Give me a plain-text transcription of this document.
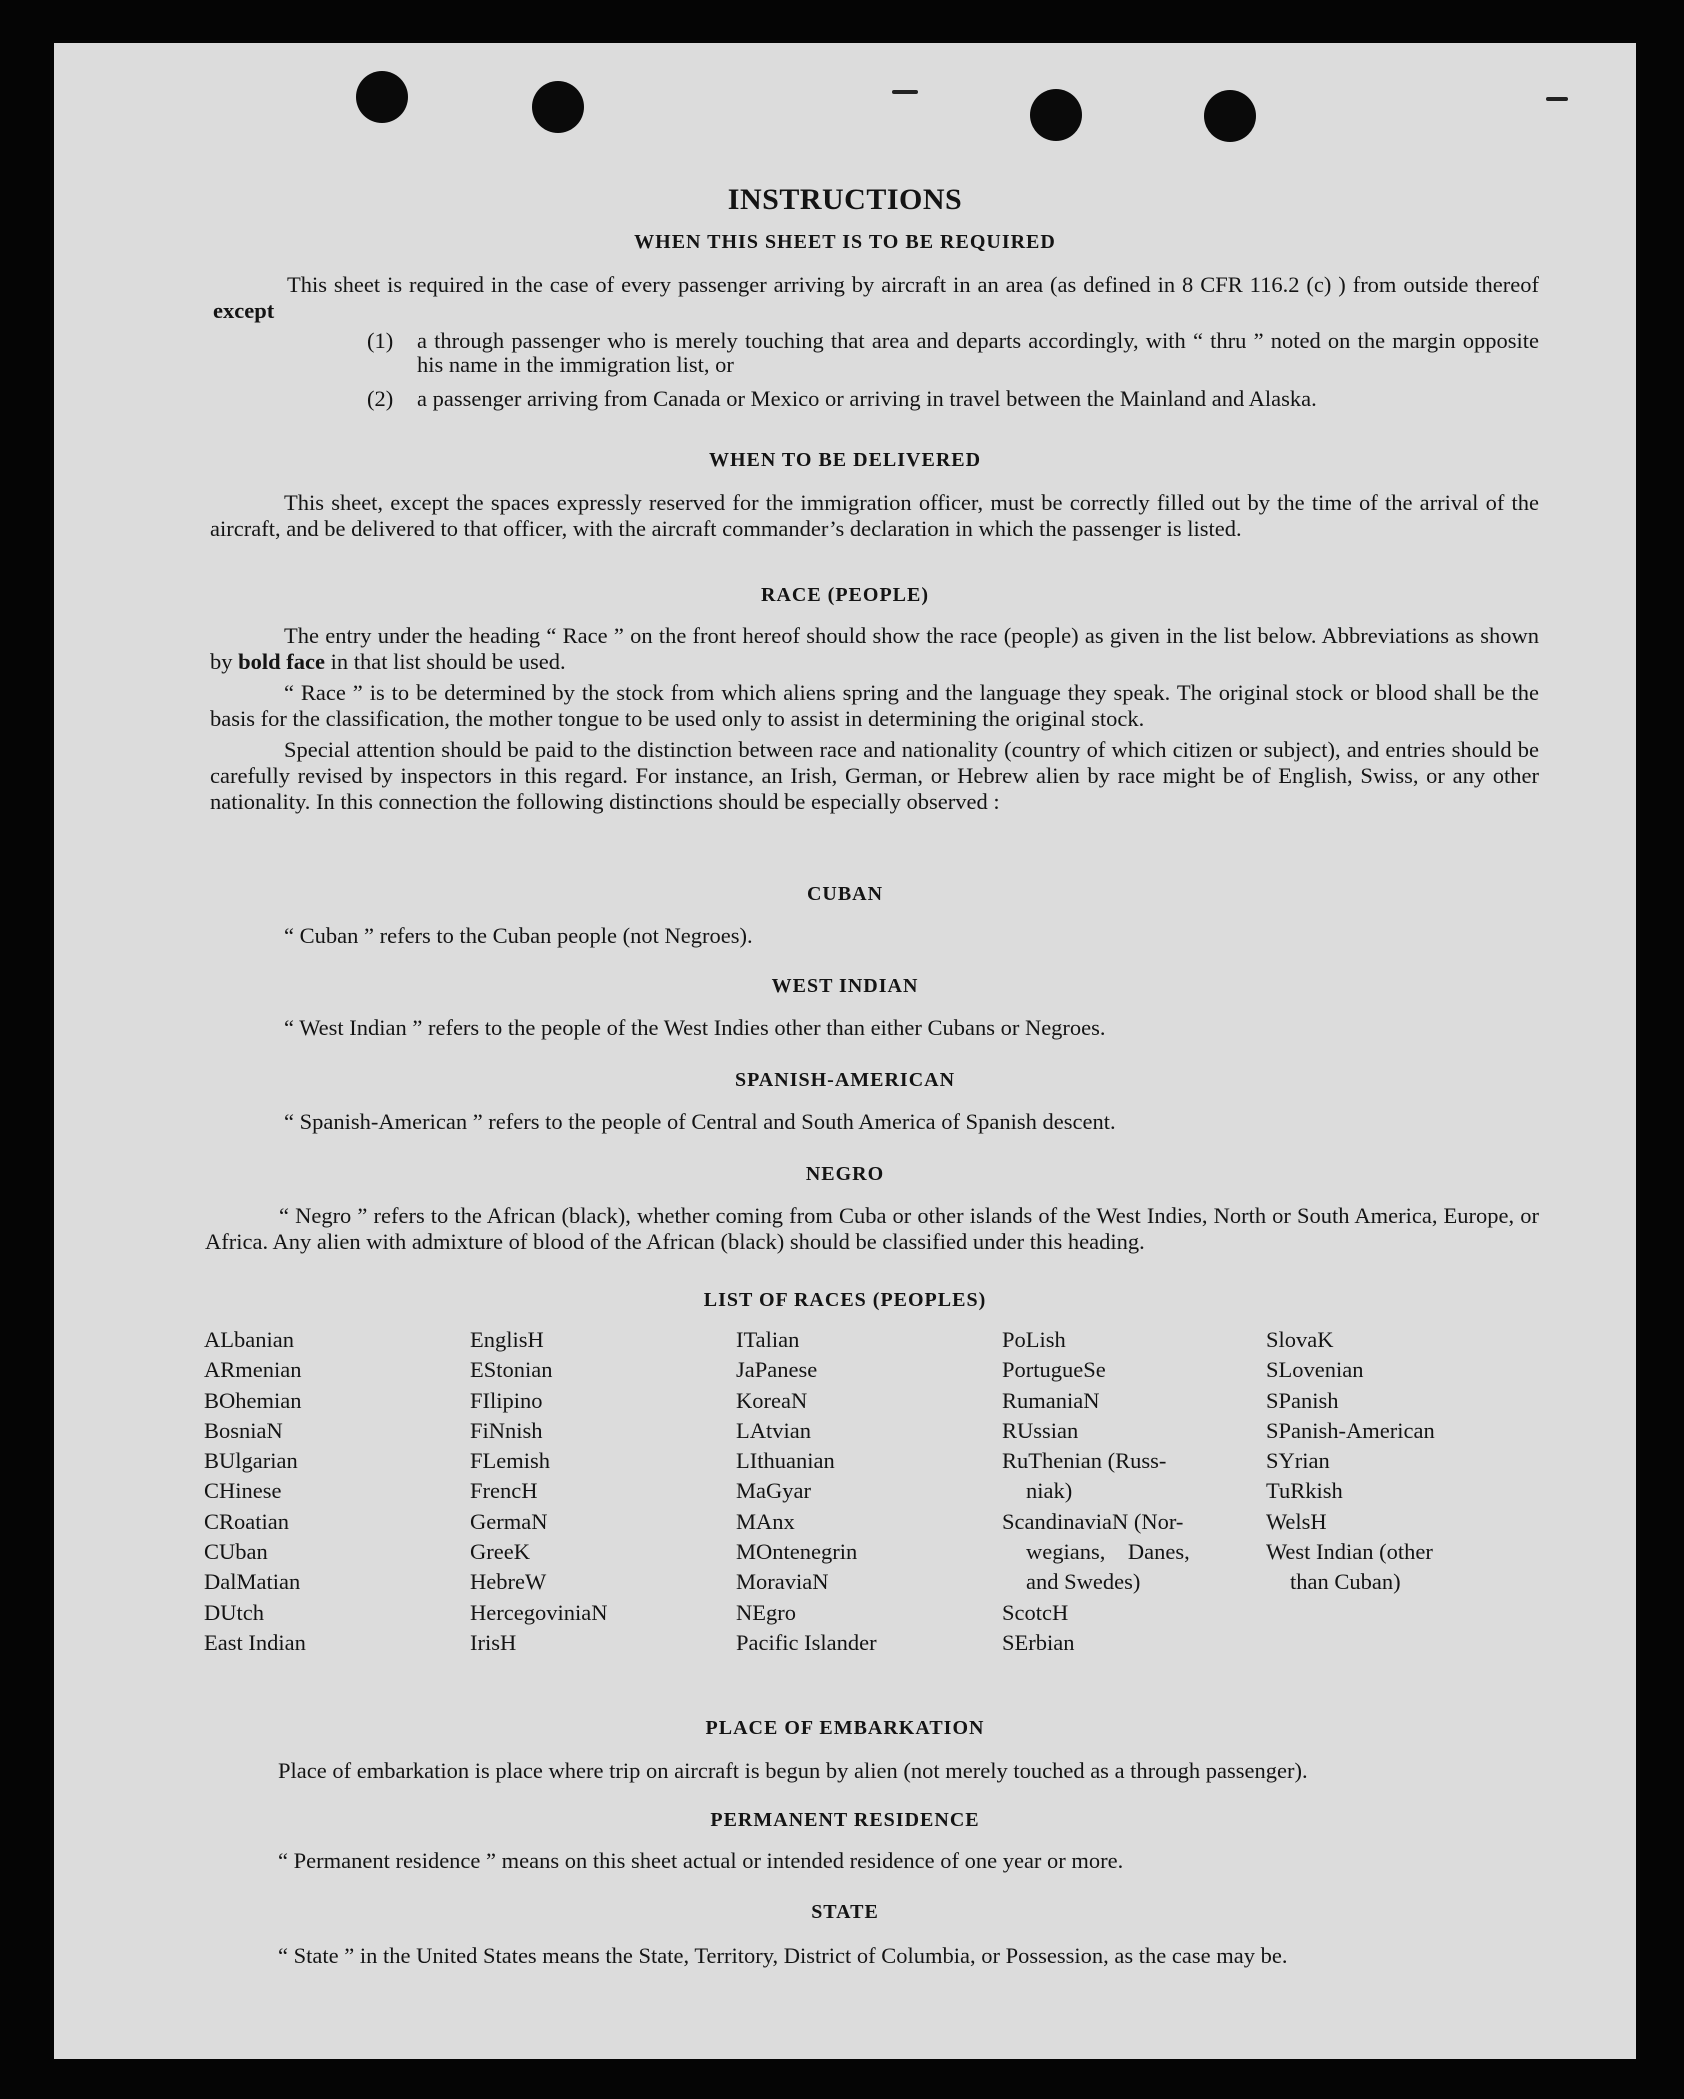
INSTRUCTIONS
WHEN THIS SHEET IS TO BE REQUIRED
This sheet is required in the case of every passenger arriving by aircraft in an area (as defined in 8 CFR 116.2 (c) ) from outside thereof except
(1) a through passenger who is merely touching that area and departs accordingly, with “ thru ” noted on the margin opposite his name in the immigration list, or
(2) a passenger arriving from Canada or Mexico or arriving in travel between the Mainland and Alaska.
WHEN TO BE DELIVERED
This sheet, except the spaces expressly reserved for the immigration officer, must be correctly filled out by the time of the arrival of the aircraft, and be delivered to that officer, with the aircraft commander’s declaration in which the passenger is listed.
RACE (PEOPLE)

The entry under the heading “ Race ” on the front hereof should show the race (people) as given in the list below. Abbreviations as shown by bold face in that list should be used.

“ Race ” is to be determined by the stock from which aliens spring and the language they speak. The original stock or blood shall be the basis for the classification, the mother tongue to be used only to assist in determining the original stock.

Special attention should be paid to the distinction between race and nationality (country of which citizen or subject), and entries should be carefully revised by inspectors in this regard. For instance, an Irish, German, or Hebrew alien by race might be of English, Swiss, or any other nationality. In this connection the following distinctions should be especially observed :

CUBAN
“ Cuban ” refers to the Cuban people (not Negroes).
WEST INDIAN
“ West Indian ” refers to the people of the West Indies other than either Cubans or Negroes.
SPANISH-AMERICAN
“ Spanish-American ” refers to the people of Central and South America of Spanish descent.
NEGRO
“ Negro ” refers to the African (black), whether coming from Cuba or other islands of the West Indies, North or South America, Europe, or Africa. Any alien with admixture of blood of the African (black) should be classified under this heading.
LIST OF RACES (PEOPLES)
ALbanian
ARmenian
BOhemian
BosniaN
BUlgarian
CHinese
CRoatian
CUban
DalMatian
DUtch
East Indian
EnglisH
EStonian
FIlipino
FiNnish
FLemish
FrencH
GermaN
GreeK
HebreW
HercegoviniaN
IrisH
ITalian
JaPanese
KoreaN
LAtvian
LIthuanian
MaGyar
MAnx
MOntenegrin
MoraviaN
NEgro
Pacific Islander
PoLish
PortugueSe
RumaniaN
RUssian
RuThenian (Russ-
niak)
ScandinaviaN (Nor-
wegians,    Danes,
and Swedes)
ScotcH
SErbian
SlovaK
SLovenian
SPanish
SPanish-American
SYrian
TuRkish
WelsH
West Indian (other
than Cuban)
PLACE OF EMBARKATION
Place of embarkation is place where trip on aircraft is begun by alien (not merely touched as a through passenger).
PERMANENT RESIDENCE
“ Permanent residence ” means on this sheet actual or intended residence of one year or more.
STATE
“ State ” in the United States means the State, Territory, District of Columbia, or Possession, as the case may be.
